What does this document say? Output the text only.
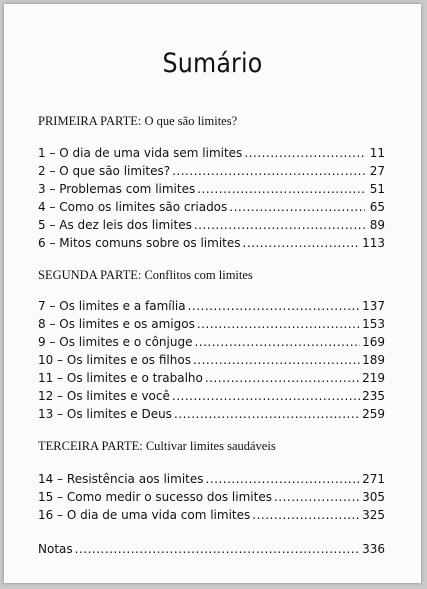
Sumário
PRIMEIRA PARTE: O que são limites?
1 – O dia de uma vida sem limites .....	11
2 – O que são limites? .....	27
3 – Problemas com limites .....	51
4 – Como os limites são criados .....	65
5 – As dez leis dos limites .....	89
6 – Mitos comuns sobre os limites .....	113
SEGUNDA PARTE: Conflitos com limites
7 – Os limites e a família .....	137
8 – Os limites e os amigos .....	153
9 – Os limites e o cônjuge .....	169
10 – Os limites e os filhos .....	189
11 – Os limites e o trabalho .....	219
12 – Os limites e você .....	235
13 – Os limites e Deus .....	259
TERCEIRA PARTE: Cultivar limites saudáveis
14 – Resistência aos limites .....	271
15 – Como medir o sucesso dos limites .....	305
16 – O dia de uma vida com limites .....	325
Notas .....	336
